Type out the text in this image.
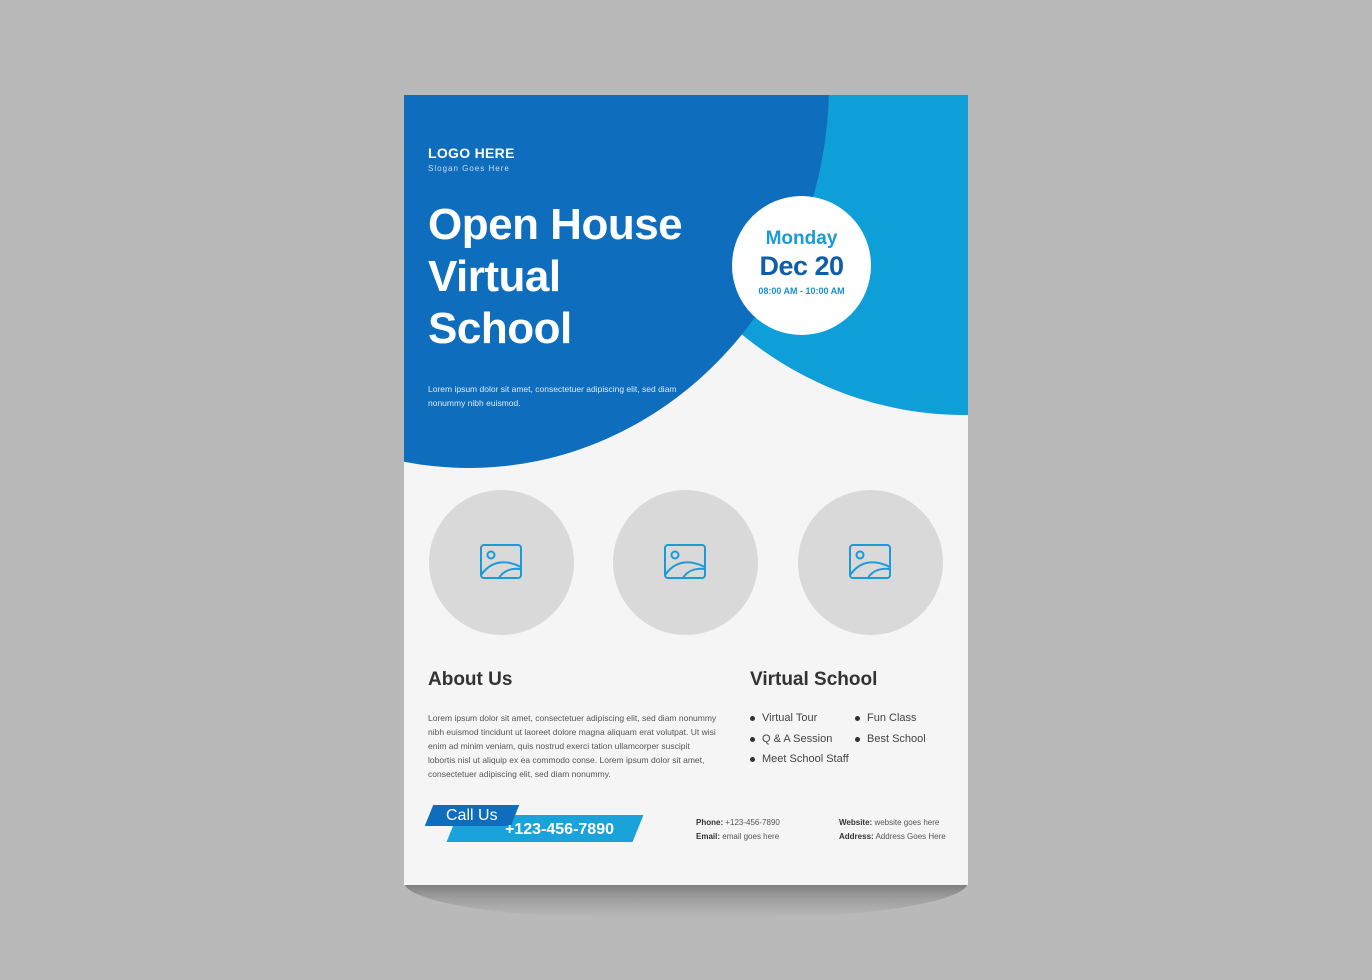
LOGO HERE
Slogan Goes Here
Open House
Virtual
School
Lorem ipsum dolor sit amet, consectetuer adipiscing elit, sed diam nonummy nibh euismod.
Monday
Dec 20
08:00 AM - 10:00 AM
About Us
Lorem ipsum dolor sit amet, consectetuer adipiscing elit, sed diam nonummy nibh euismod tincidunt ut laoreet dolore magna aliquam erat volutpat. Ut wisi enim ad minim veniam, quis nostrud exerci tation ullamcorper suscipit lobortis nisl ut aliquip ex ea commodo conse. Lorem ipsum dolor sit amet, consectetuer adipiscing elit, sed diam nonummy.
Virtual School
Virtual Tour
Q & A Session
Meet School Staff
Fun Class
Best School
Call Us
+123-456-7890	Phone: +123-456-7890
Email: email goes here
Website: website goes here
Address: Address Goes Here
